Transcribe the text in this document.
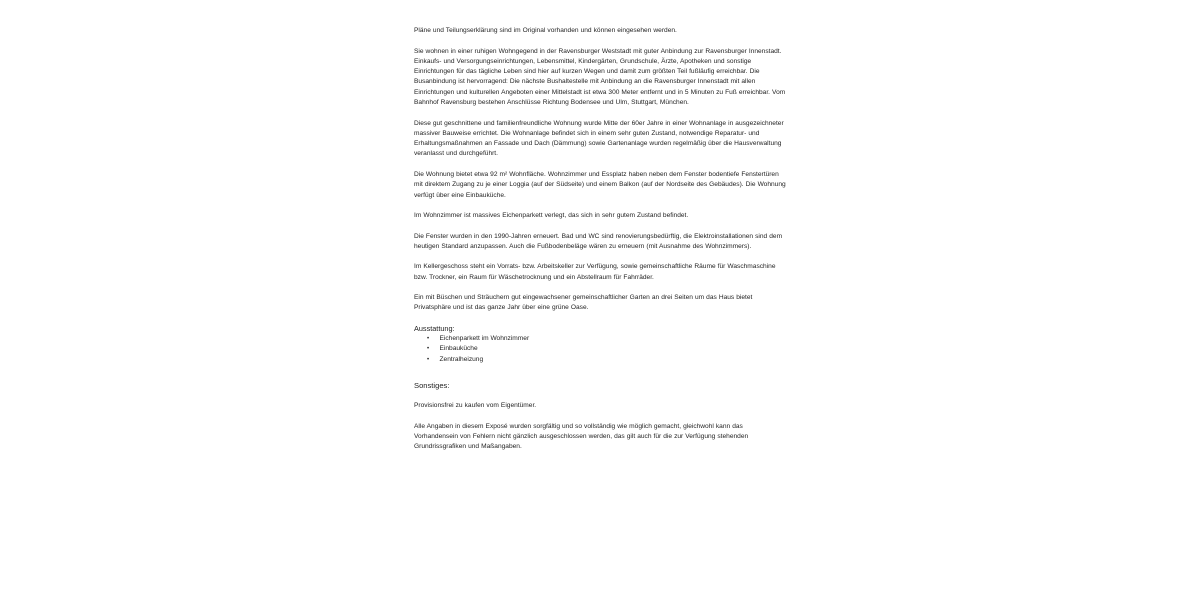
Pläne und Teilungserklärung sind im Original vorhanden und können eingesehen werden.

Sie wohnen in einer ruhigen Wohngegend in der Ravensburger Weststadt mit guter Anbindung zur Ravensburger Innenstadt. Einkaufs- und Versorgungseinrichtungen, Lebensmittel, Kindergärten, Grundschule, Ärzte, Apotheken und sonstige Einrichtungen für das tägliche Leben sind hier auf kurzen Wegen und damit zum größten Teil fußläufig erreichbar. Die Busanbindung ist hervorragend: Die nächste Bushaltestelle mit Anbindung an die Ravensburger Innenstadt mit allen Einrichtungen und kulturellen Angeboten einer Mittelstadt ist etwa 300 Meter entfernt und in 5 Minuten zu Fuß erreichbar. Vom Bahnhof Ravensburg bestehen Anschlüsse Richtung Bodensee und Ulm, Stuttgart, München.

Diese gut geschnittene und familienfreundliche Wohnung wurde Mitte der 60er Jahre in einer Wohnanlage in ausgezeichneter massiver Bauweise errichtet. Die Wohnanlage befindet sich in einem sehr guten Zustand, notwendige Reparatur- und Erhaltungsmaßnahmen an Fassade und Dach (Dämmung) sowie Gartenanlage wurden regelmäßig über die Hausverwaltung veranlasst und durchgeführt.

Die Wohnung bietet etwa 92 m² Wohnfläche. Wohnzimmer und Essplatz haben neben dem Fenster bodentiefe Fenstertüren mit direktem Zugang zu je einer Loggia (auf der Südseite) und einem Balkon (auf der Nordseite des Gebäudes). Die Wohnung verfügt über eine Einbauküche.

Im Wohnzimmer ist massives Eichenparkett verlegt, das sich in sehr gutem Zustand befindet.

Die Fenster wurden in den 1990-Jahren erneuert. Bad und WC sind renovierungsbedürftig, die Elektroinstallationen sind dem heutigen Standard anzupassen. Auch die Fußbodenbeläge wären zu erneuern (mit Ausnahme des Wohnzimmers).

Im Kellergeschoss steht ein Vorrats- bzw. Arbeitskeller zur Verfügung, sowie gemeinschaftliche Räume für Waschmaschine bzw. Trockner, ein Raum für Wäschetrocknung und ein Abstellraum für Fahrräder.

Ein mit Büschen und Sträuchern gut eingewachsener gemeinschaftlicher Garten an drei Seiten um das Haus bietet Privatsphäre und ist das ganze Jahr über eine grüne Oase.

Ausstattung:

• Eichenparkett im Wohnzimmer
• Einbauküche
• Zentralheizung

Sonstiges:

Provisionsfrei zu kaufen vom Eigentümer.

Alle Angaben in diesem Exposé wurden sorgfältig und so vollständig wie möglich gemacht, gleichwohl kann das Vorhandensein von Fehlern nicht gänzlich ausgeschlossen werden, das gilt auch für die zur Verfügung stehenden Grundrissgrafiken und Maßangaben.
